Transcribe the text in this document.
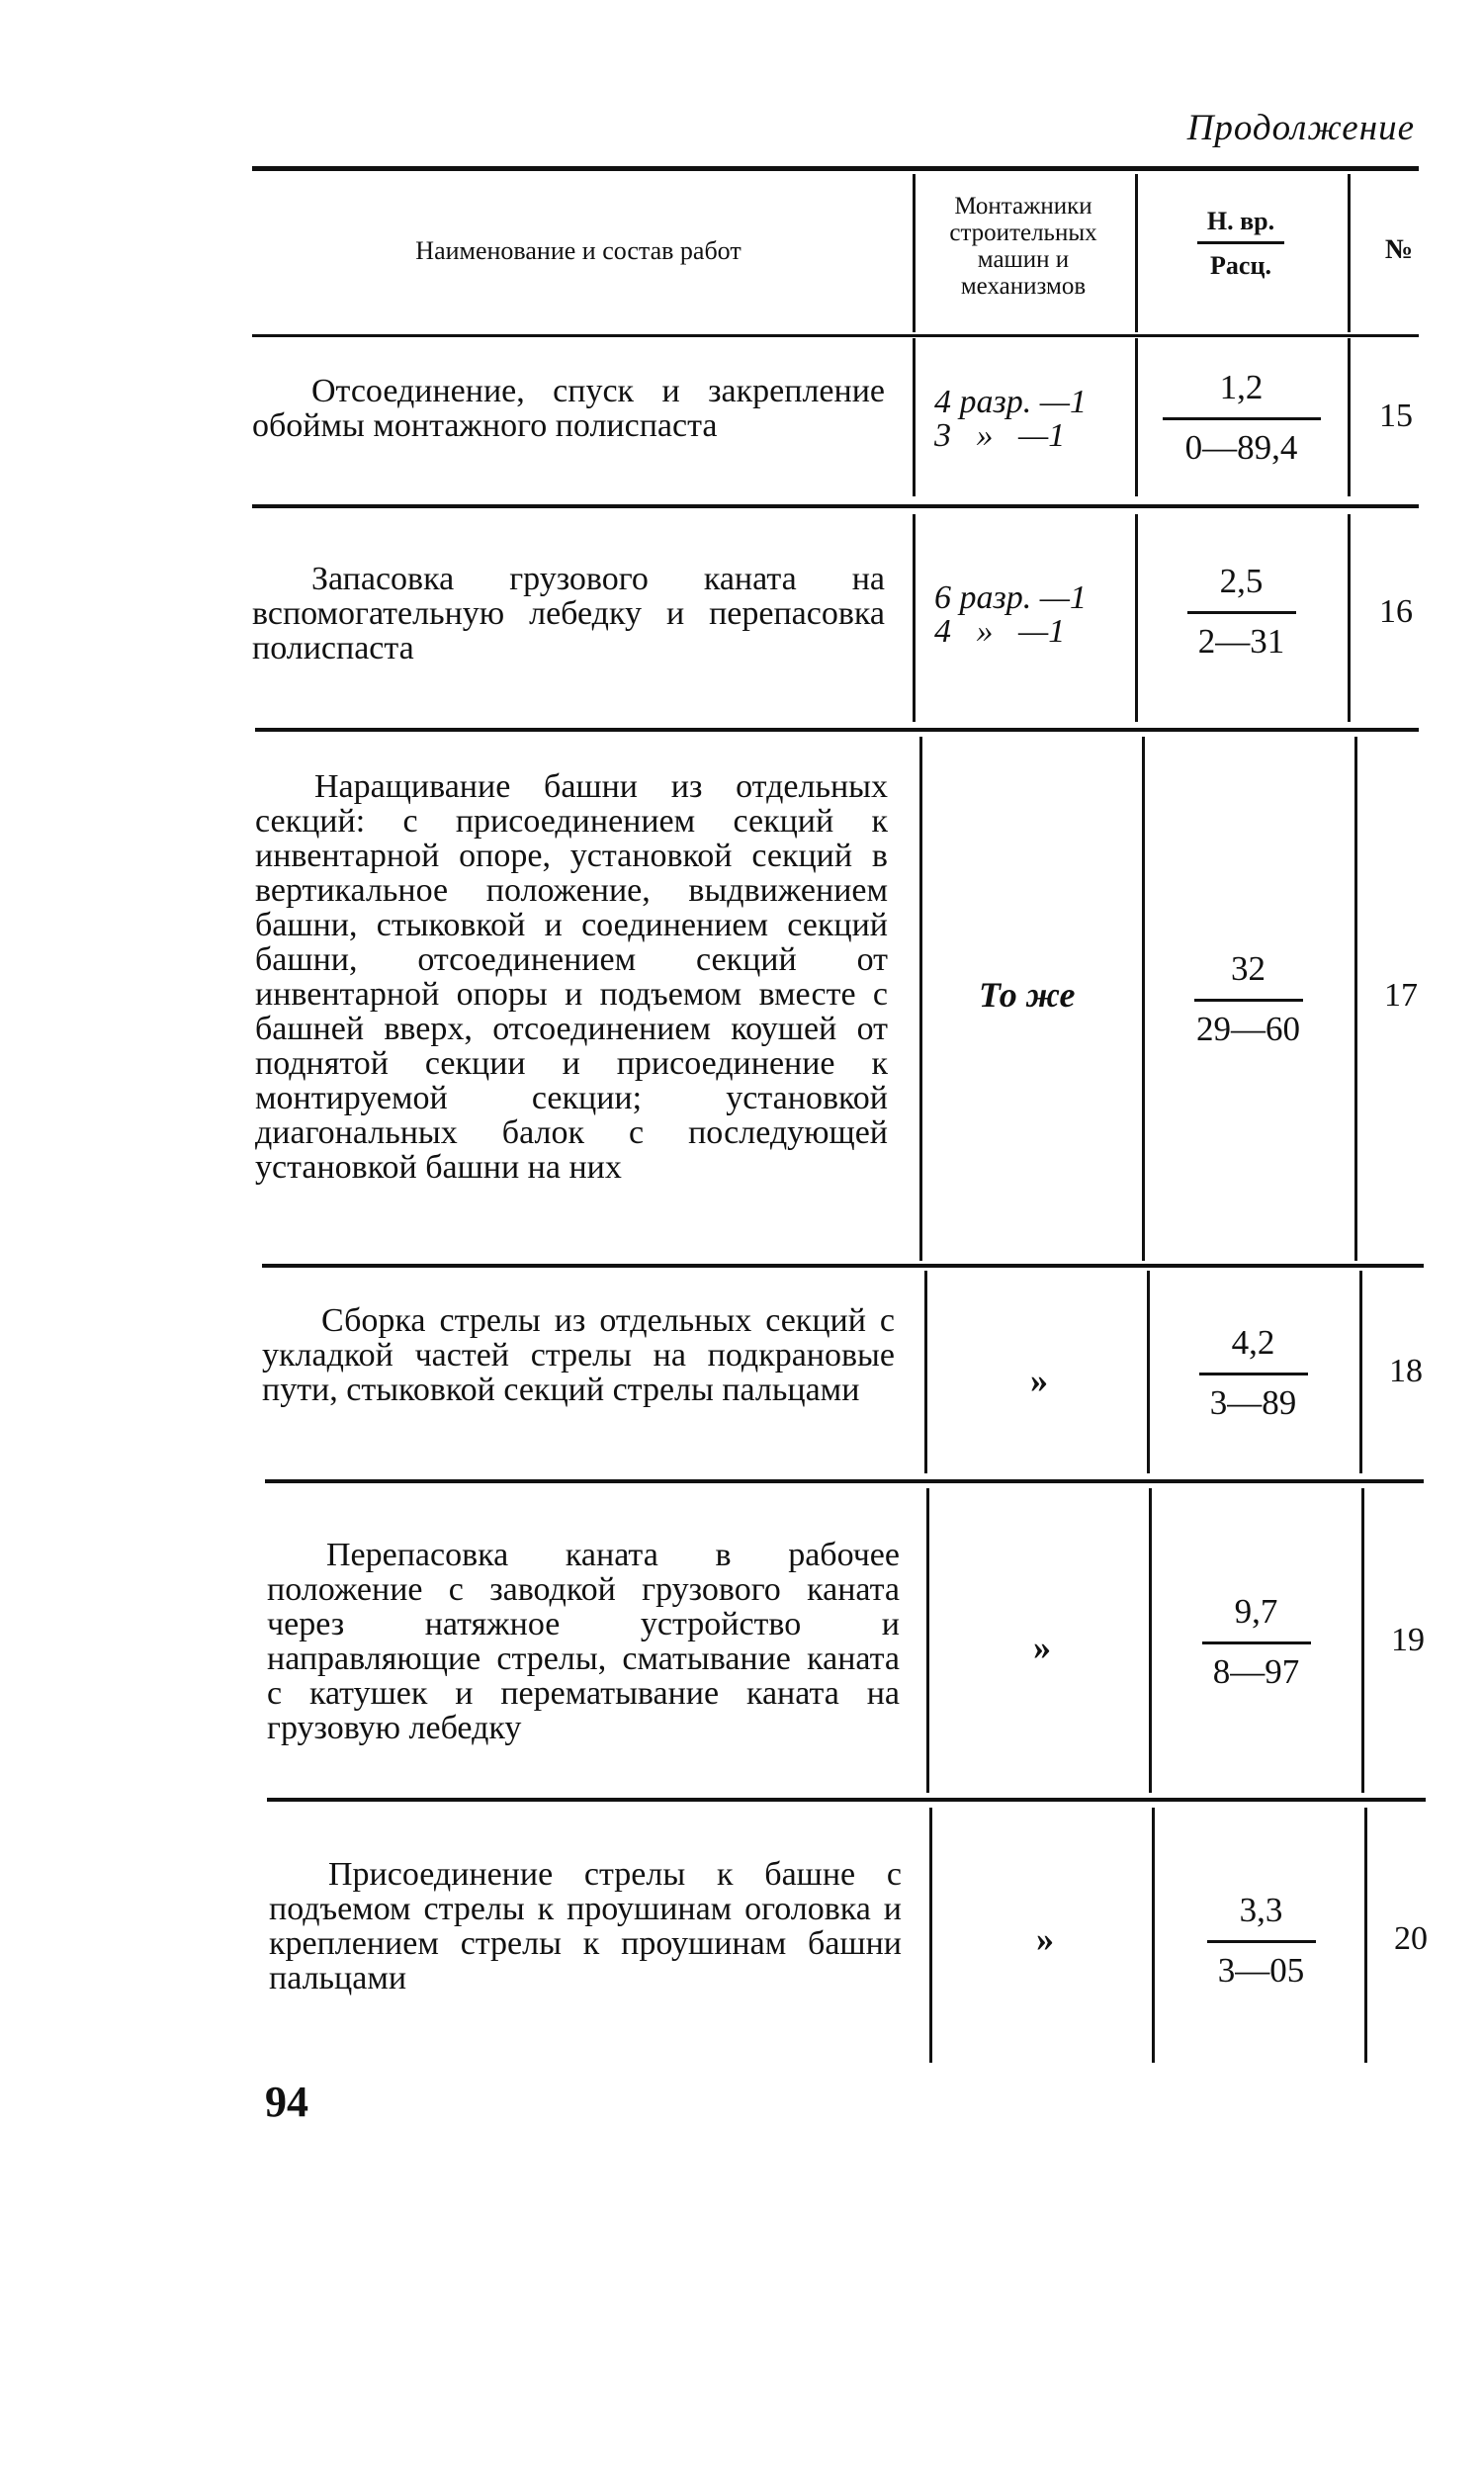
Продолжение
Наименование и состав работ
Монтажники строительных машин и механизмов
Н. вр.
Расц.
№
Отсоединение, спуск и закрепление обоймы монтажного полиспаста
4 разр. —1
3   »   —1
1,2
0—89,4
15
Запасовка грузового каната на вспомогательную лебедку и перепасовка полиспаста
6 разр. —1
4   »   —1
2,5
2—31
16
Наращивание башни из отдельных секций: с присоединением секций к инвентарной опоре, установкой секций в вертикальное положение, выдвижением башни, стыковкой и соединением секций башни, отсоединением секций от инвентарной опоры и подъемом вместе с башней вверх, отсоединением коушей от поднятой секции и присоединение к монтируемой секции; установкой диагональных балок с последующей установкой башни на них
То же
32
29—60
17
Сборка стрелы из отдельных секций с укладкой частей стрелы на подкрановые пути, стыковкой секций стрелы пальцами	»
4,2
3—89
18
Перепасовка каната в рабочее положение с заводкой грузового каната через натяжное устройство и направляющие стрелы, сматывание каната с катушек и перематывание каната на грузовую лебедку
»
9,7
8—97
19
Присоединение стрелы к башне с подъемом стрелы к проушинам оголовка и креплением стрелы к проушинам башни пальцами
»
3,3
3—05
20
94
